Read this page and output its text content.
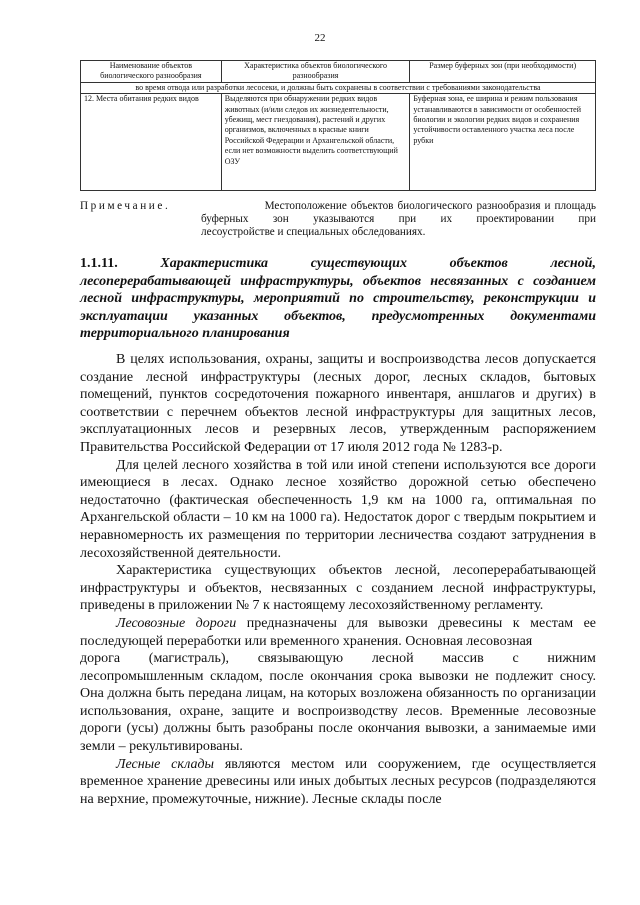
22
Наименование объектов биологического разнообразия	Характеристика объектов биологического разнообразия	Размер буферных зон (при необходимости)
во время отвода или разработки лесосеки, и должны быть сохранены в соответствии с требованиями законодательства		
12. Места обитания редких видов	Выделяются при обнаружении редких видов животных (и/или следов их жизнедеятельности, убежищ, мест гнездования), растений и других организмов, включенных в красные книги Российской Федерации и Архангельской области, если нет возможности выделить соответствующий ОЗУ	Буферная зона, ее ширина и режим пользования устанавливаются в зависимости от особенностей биологии и экологии редких видов и сохранения устойчивости оставленного участка леса после рубки
Примечание.	Местоположение объектов биологического разнообразия и площадь
буферных зон указываются при их проектировании при
лесоустройстве и специальных обследованиях.
1.1.11.	Характеристика	существующих	объектов	лесной,
лесоперерабатывающей инфраструктуры, объектов несвязанных с созданием лесной инфраструктуры, мероприятий по строительству, реконструкции и эксплуатации указанных объектов, предусмотренных документами территориального планирования

В целях использования, охраны, защиты и воспроизводства лесов допускается создание лесной инфраструктуры (лесных дорог, лесных складов, бытовых помещений, пунктов сосредоточения пожарного инвентаря, аншлагов и других) в соответствии с перечнем объектов лесной инфраструктуры для защитных лесов, эксплуатационных лесов и резервных лесов, утвержденным распоряжением Правительства Российской Федерации от 17 июля 2012 года № 1283-р.

Для целей лесного хозяйства в той или иной степени используются все дороги имеющиеся в лесах. Однако лесное хозяйство дорожной сетью обеспечено недостаточно (фактическая обеспеченность 1,9 км на 1000 га, оптимальная по Архангельской области – 10 км на 1000 га). Недостаток дорог с твердым покрытием и неравномерность их размещения по территории лесничества создают затруднения в лесохозяйственной деятельности.

Характеристика существующих объектов лесной, лесоперерабатывающей инфраструктуры и объектов, несвязанных с созданием лесной инфраструктуры, приведены в приложении № 7 к настоящему лесохозяйственному регламенту.

Лесовозные дороги предназначены для вывозки древесины к местам ее последующей переработки или временного хранения. Основная лесовозная

дорога (магистраль), связывающую лесной массив с нижним

лесопромышленным складом, после окончания срока вывозки не подлежит сносу. Она должна быть передана лицам, на которых возложена обязанность по организации использования, охране, защите и воспроизводству лесов. Временные лесовозные дороги (усы) должны быть разобраны после окончания вывозки, а занимаемые ими земли – рекультивированы.

Лесные склады являются местом или сооружением, где осуществляется временное хранение древесины или иных добытых лесных ресурсов (подразделяются на верхние, промежуточные, нижние). Лесные склады после
